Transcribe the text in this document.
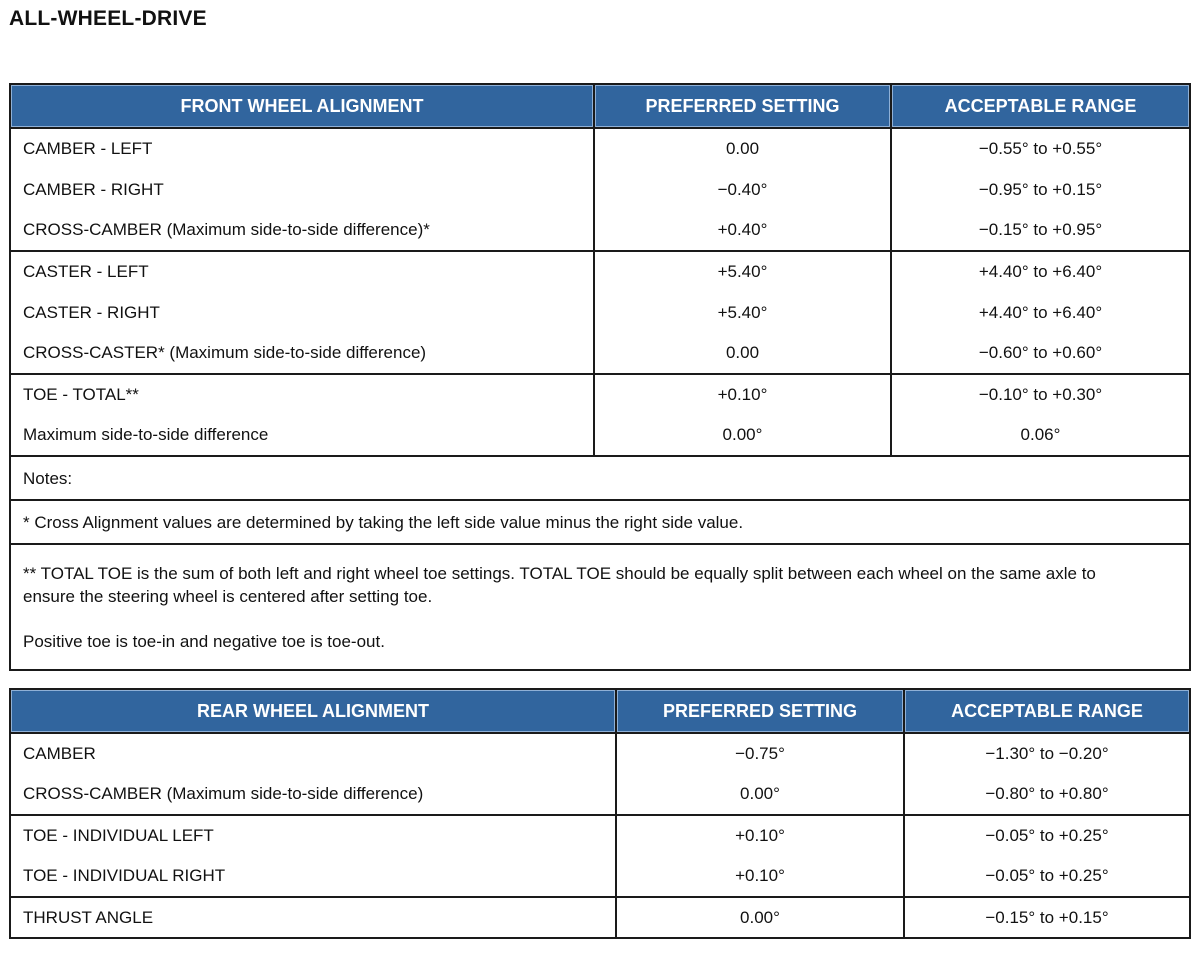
ALL-WHEEL-DRIVE
FRONT WHEEL ALIGNMENT	PREFERRED SETTING	ACCEPTABLE RANGE
CAMBER - LEFT	0.00	−0.55° to +0.55°
CAMBER - RIGHT	−0.40°	−0.95° to +0.15°
CROSS-CAMBER (Maximum side-to-side difference)*	+0.40°	−0.15° to +0.95°
CASTER - LEFT	+5.40°	+4.40° to +6.40°
CASTER - RIGHT	+5.40°	+4.40° to +6.40°
CROSS-CASTER* (Maximum side-to-side difference)	0.00	−0.60° to +0.60°
TOE - TOTAL**	+0.10°	−0.10° to +0.30°
Maximum side-to-side difference	0.00°	0.06°
Notes:		
* Cross Alignment values are determined by taking the left side value minus the right side value.		

** TOTAL TOE is the sum of both left and right wheel toe settings. TOTAL TOE should be equally split between each wheel on the same axle to
ensure the steering wheel is centered after setting toe.
Positive toe is toe-in and negative toe is toe-out.		
REAR WHEEL ALIGNMENT	PREFERRED SETTING	ACCEPTABLE RANGE
CAMBER	−0.75°	−1.30° to −0.20°
CROSS-CAMBER (Maximum side-to-side difference)	0.00°	−0.80° to +0.80°
TOE - INDIVIDUAL LEFT	+0.10°	−0.05° to +0.25°
TOE - INDIVIDUAL RIGHT	+0.10°	−0.05° to +0.25°
THRUST ANGLE	0.00°	−0.15° to +0.15°
